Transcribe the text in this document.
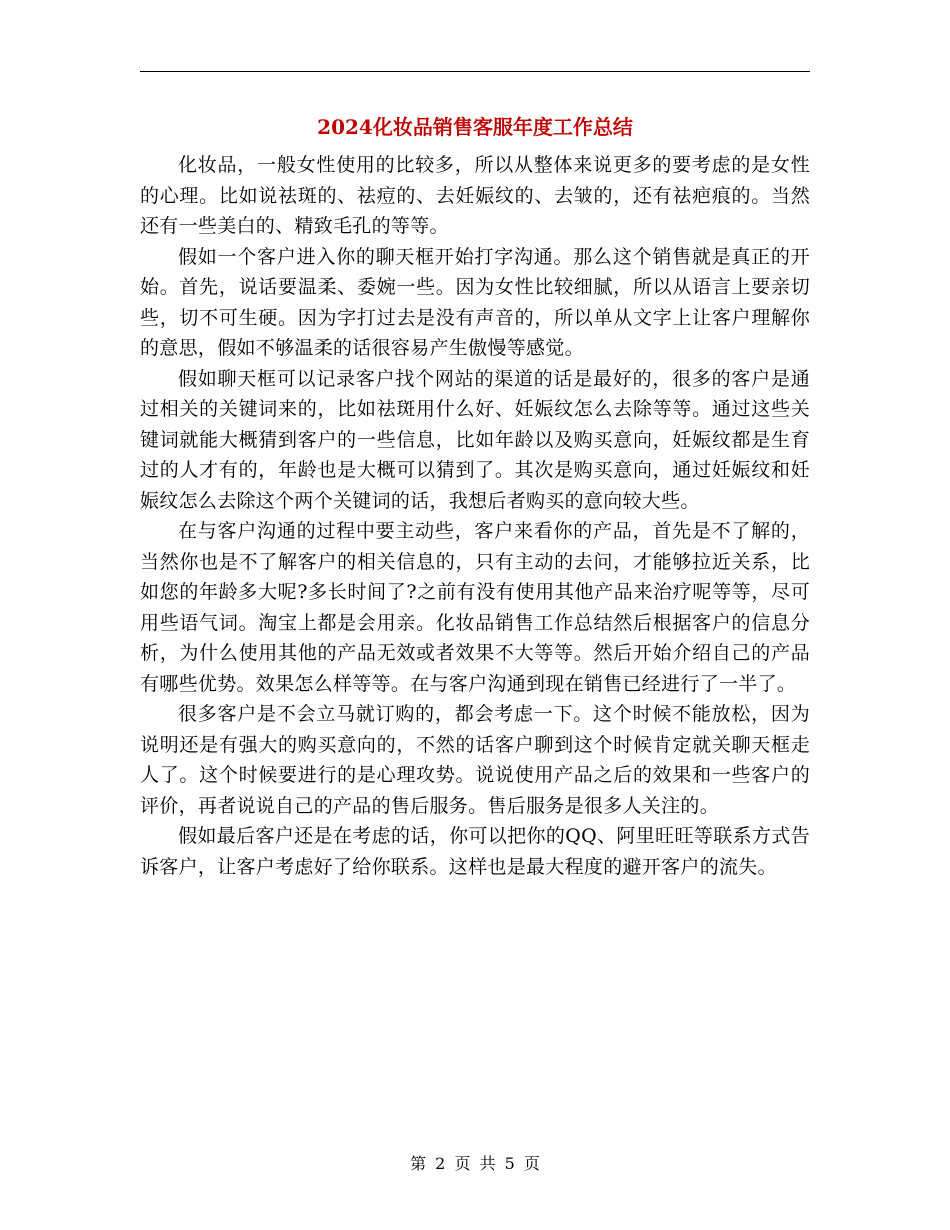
2024化妆品销售客服年度工作总结

化妆品，一般女性使用的比较多，所以从整体来说更多的要考虑的是女性的心理。比如说祛斑的、祛痘的、去妊娠纹的、去皱的，还有祛疤痕的。当然还有一些美白的、精致毛孔的等等。

假如一个客户进入你的聊天框开始打字沟通。那么这个销售就是真正的开始。首先，说话要温柔、委婉一些。因为女性比较细腻，所以从语言上要亲切些，切不可生硬。因为字打过去是没有声音的，所以单从文字上让客户理解你的意思，假如不够温柔的话很容易产生傲慢等感觉。

假如聊天框可以记录客户找个网站的渠道的话是最好的，很多的客户是通过相关的关键词来的，比如祛斑用什么好、妊娠纹怎么去除等等。通过这些关键词就能大概猜到客户的一些信息，比如年龄以及购买意向，妊娠纹都是生育过的人才有的，年龄也是大概可以猜到了。其次是购买意向，通过妊娠纹和妊娠纹怎么去除这个两个关键词的话，我想后者购买的意向较大些。

在与客户沟通的过程中要主动些，客户来看你的产品，首先是不了解的，当然你也是不了解客户的相关信息的，只有主动的去问，才能够拉近关系，比如您的年龄多大呢?多长时间了?之前有没有使用其他产品来治疗呢等等，尽可用些语气词。淘宝上都是会用亲。化妆品销售工作总结然后根据客户的信息分析，为什么使用其他的产品无效或者效果不大等等。然后开始介绍自己的产品有哪些优势。效果怎么样等等。在与客户沟通到现在销售已经进行了一半了。

很多客户是不会立马就订购的，都会考虑一下。这个时候不能放松，因为说明还是有强大的购买意向的，不然的话客户聊到这个时候肯定就关聊天框走人了。这个时候要进行的是心理攻势。说说使用产品之后的效果和一些客户的评价，再者说说自己的产品的售后服务。售后服务是很多人关注的。

假如最后客户还是在考虑的话，你可以把你的QQ、阿里旺旺等联系方式告诉客户，让客户考虑好了给你联系。这样也是最大程度的避开客户的流失。

第 2 页 共 5 页
